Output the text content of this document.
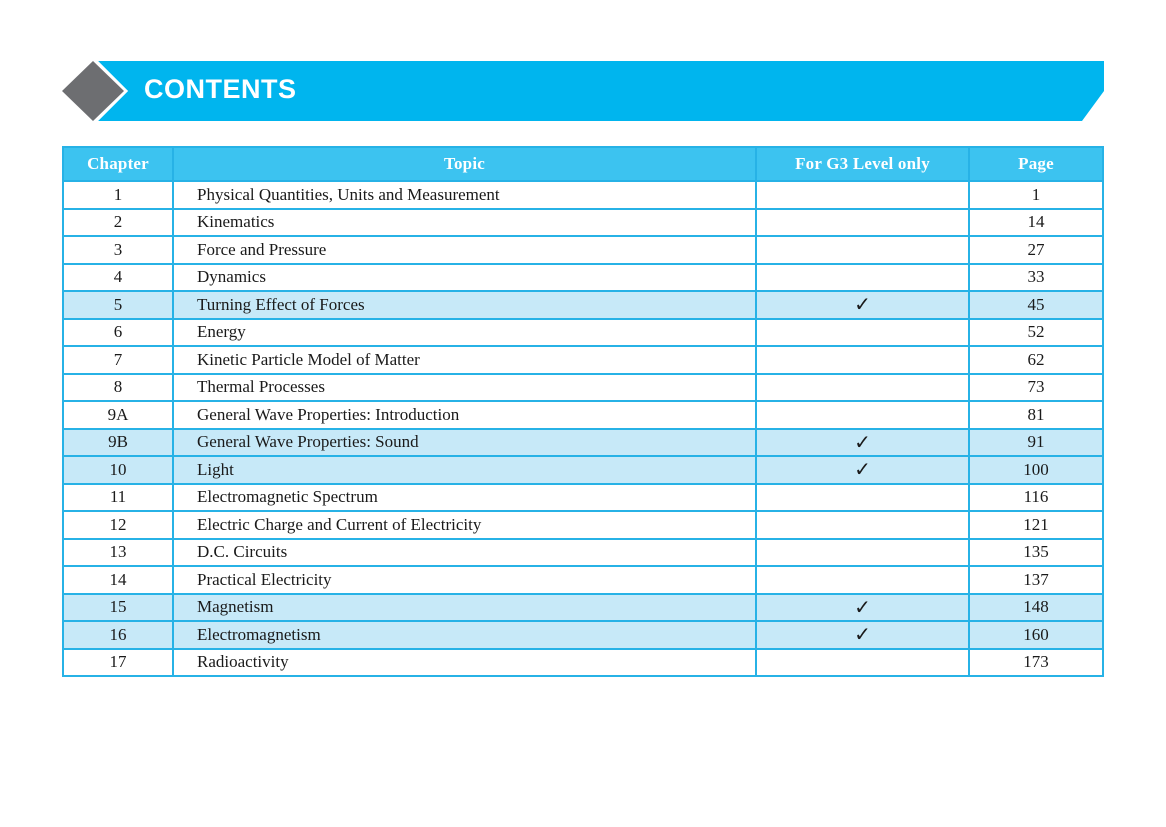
CONTENTS
Chapter	Topic	For G3 Level only	Page
1	Physical Quantities, Units and Measurement		1
2	Kinematics		14
3	Force and Pressure		27
4	Dynamics		33
5	Turning Effect of Forces	✓	45
6	Energy		52
7	Kinetic Particle Model of Matter		62
8	Thermal Processes		73
9A	General Wave Properties: Introduction		81
9B	General Wave Properties: Sound	✓	91
10	Light	✓	100
11	Electromagnetic Spectrum		116
12	Electric Charge and Current of Electricity		121
13	D.C. Circuits		135
14	Practical Electricity		137
15	Magnetism	✓	148
16	Electromagnetism	✓	160
17	Radioactivity		173
